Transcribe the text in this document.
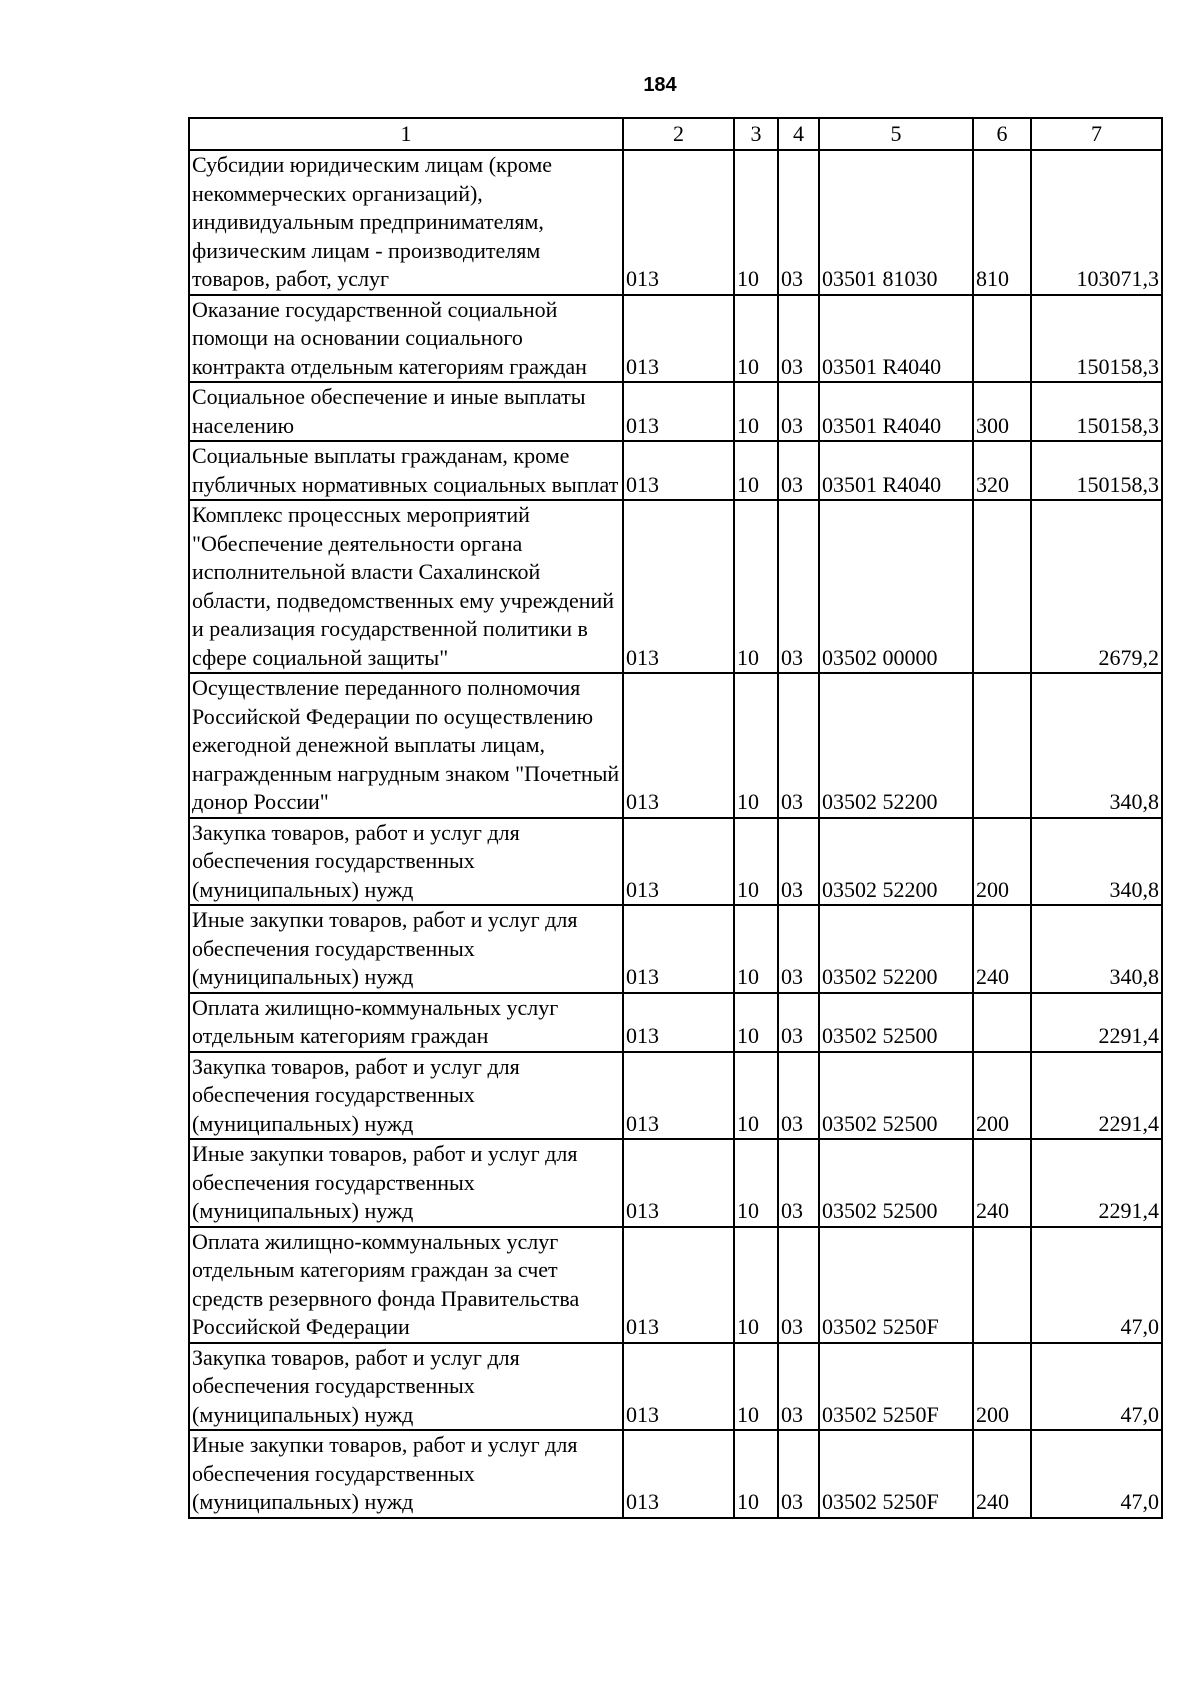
184
1	2	3	4	5	6	7
Субсидии юридическим лицам (кроме некоммерческих организаций), индивидуальным предпринимателям, физическим лицам - производителям товаров, работ, услуг	013	10	03	03501 81030	810	103071,3
Оказание государственной социальной помощи на основании социального контракта отдельным категориям граждан	013	10	03	03501 R4040		150158,3
Социальное обеспечение и иные выплаты населению	013	10	03	03501 R4040	300	150158,3
Социальные выплаты гражданам, кроме публичных нормативных социальных выплат	013	10	03	03501 R4040	320	150158,3
Комплекс процессных мероприятий "Обеспечение деятельности органа исполнительной власти Сахалинской области, подведомственных ему учреждений и реализация государственной политики в сфере социальной защиты"	013	10	03	03502 00000		2679,2
Осуществление переданного полномочия Российской Федерации по осуществлению ежегодной денежной выплаты лицам, награжденным нагрудным знаком "Почетный донор России"	013	10	03	03502 52200		340,8
Закупка товаров, работ и услуг для обеспечения государственных (муниципальных) нужд	013	10	03	03502 52200	200	340,8
Иные закупки товаров, работ и услуг для обеспечения государственных (муниципальных) нужд	013	10	03	03502 52200	240	340,8
Оплата жилищно-коммунальных услуг отдельным категориям граждан	013	10	03	03502 52500		2291,4
Закупка товаров, работ и услуг для обеспечения государственных (муниципальных) нужд	013	10	03	03502 52500	200	2291,4
Иные закупки товаров, работ и услуг для обеспечения государственных (муниципальных) нужд	013	10	03	03502 52500	240	2291,4
Оплата жилищно-коммунальных услуг отдельным категориям граждан за счет средств резервного фонда Правительства Российской Федерации	013	10	03	03502 5250F		47,0
Закупка товаров, работ и услуг для обеспечения государственных (муниципальных) нужд	013	10	03	03502 5250F	200	47,0
Иные закупки товаров, работ и услуг для обеспечения государственных (муниципальных) нужд	013	10	03	03502 5250F	240	47,0
